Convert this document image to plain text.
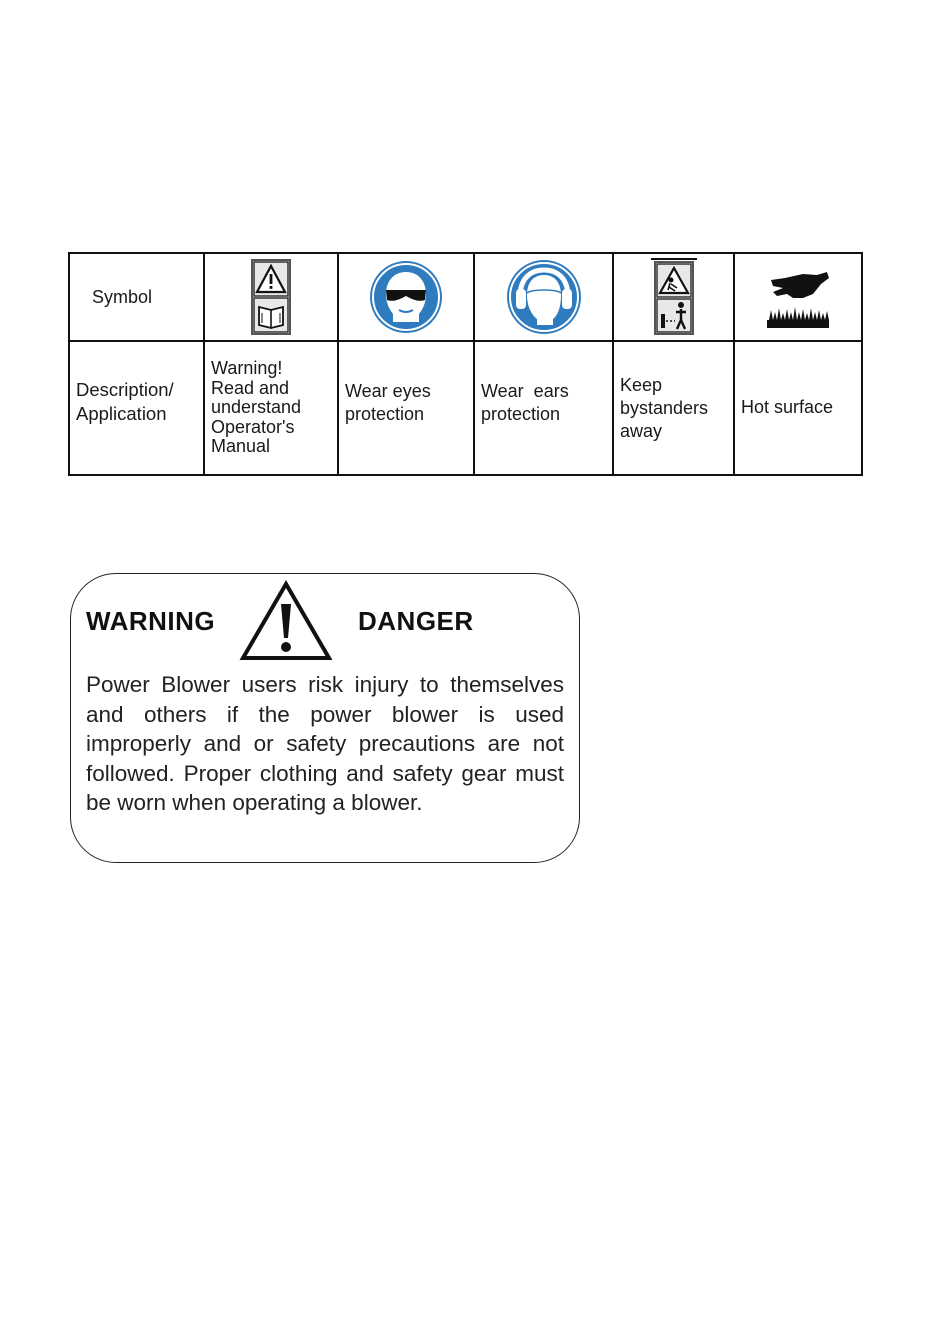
Symbol					
Description/
Application	Warning!
Read and
understand
Operator's
Manual	Wear eyes
protection	Wear  ears
protection	Keep
bystanders
away	Hot surface
WARNING	DANGER
Power Blower users risk injury to themselves and others if the power blower is used improperly and or safety precautions are not followed. Proper clothing and safety gear must be worn when operating a blower.
